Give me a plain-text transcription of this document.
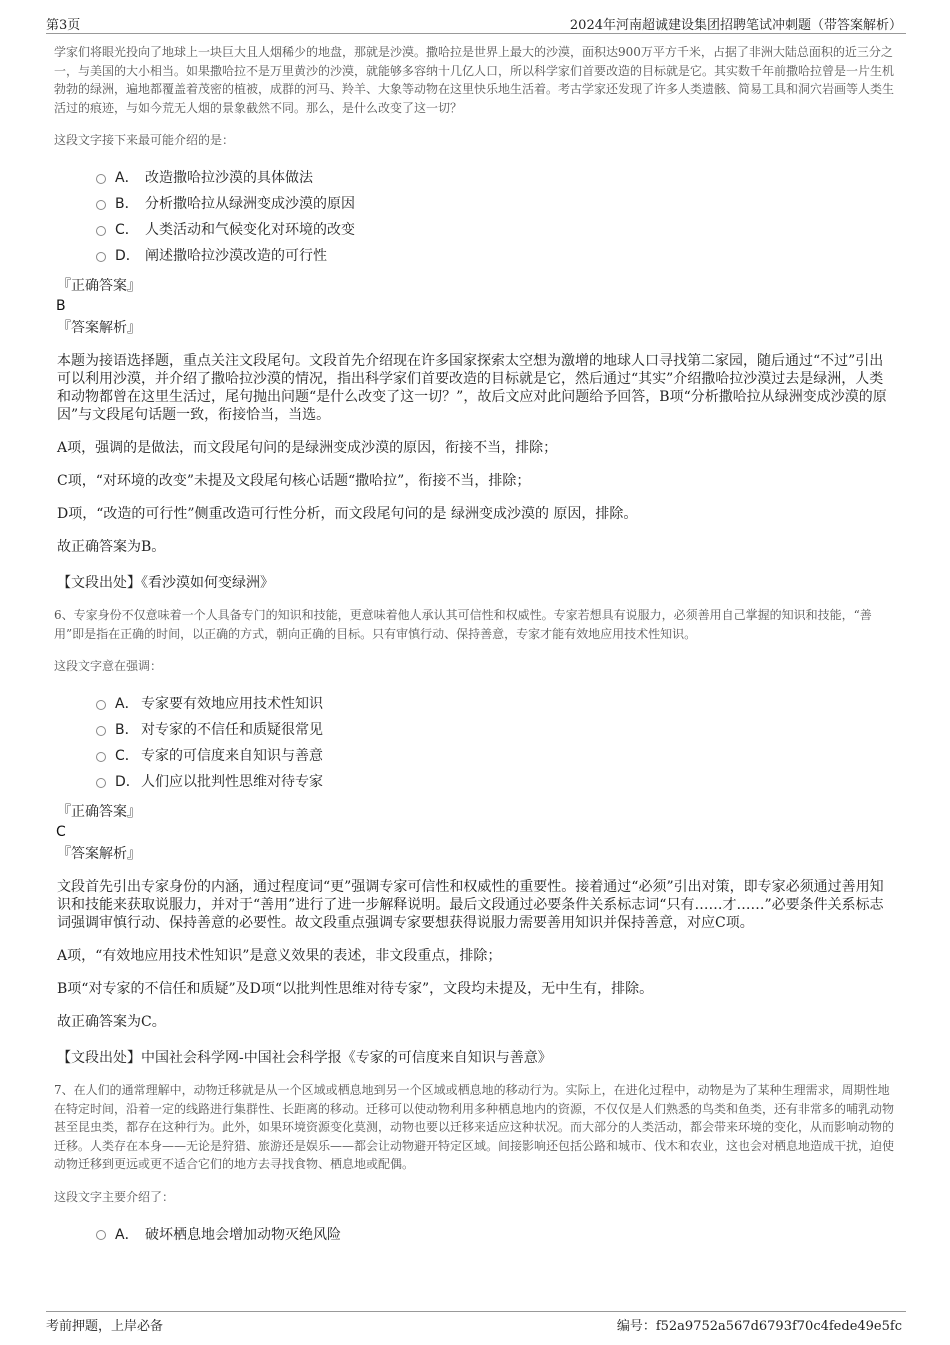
第3页	2024年河南超诚建设集团招聘笔试冲刺题（带答案解析）
学家们将眼光投向了地球上一块巨大且人烟稀少的地盘，那就是沙漠。撒哈拉是世界上最大的沙漠，面积达900万平方千米，占据了非洲大陆总面积的近三分之一，与美国的大小相当。如果撒哈拉不是万里黄沙的沙漠，就能够多容纳十几亿人口，所以科学家们首要改造的目标就是它。其实数千年前撒哈拉曾是一片生机勃勃的绿洲，遍地都覆盖着茂密的植被，成群的河马、羚羊、大象等动物在这里快乐地生活着。考古学家还发现了许多人类遗骸、简易工具和洞穴岩画等人类生活过的痕迹，与如今荒无人烟的景象截然不同。那么，是什么改变了这一切？
这段文字接下来最可能介绍的是：
A． 改造撒哈拉沙漠的具体做法
B． 分析撒哈拉从绿洲变成沙漠的原因
C． 人类活动和气候变化对环境的改变
D． 阐述撒哈拉沙漠改造的可行性
『正确答案』
B
『答案解析』
本题为接语选择题，重点关注文段尾句。文段首先介绍现在许多国家探索太空想为激增的地球人口寻找第二家园，随后通过“不过”引出可以利用沙漠，并介绍了撒哈拉沙漠的情况，指出科学家们首要改造的目标就是它，然后通过“其实”介绍撒哈拉沙漠过去是绿洲，人类和动物都曾在这里生活过，尾句抛出问题“是什么改变了这一切？”，故后文应对此问题给予回答，B项“分析撒哈拉从绿洲变成沙漠的原因”与文段尾句话题一致，衔接恰当，当选。
A项，强调的是做法，而文段尾句问的是绿洲变成沙漠的原因，衔接不当，排除；
C项，“对环境的改变”未提及文段尾句核心话题“撒哈拉”，衔接不当，排除；
D项，“改造的可行性”侧重改造可行性分析，而文段尾句问的是 绿洲变成沙漠的 原因，排除。
故正确答案为B。
【文段出处】《看沙漠如何变绿洲》
6、专家身份不仅意味着一个人具备专门的知识和技能，更意味着他人承认其可信性和权威性。专家若想具有说服力，必须善用自己掌握的知识和技能，“善用”即是指在正确的时间，以正确的方式，朝向正确的目标。只有审慎行动、保持善意，专家才能有效地应用技术性知识。
这段文字意在强调：
A． 专家要有效地应用技术性知识
B． 对专家的不信任和质疑很常见
C． 专家的可信度来自知识与善意
D． 人们应以批判性思维对待专家
『正确答案』
C
『答案解析』
文段首先引出专家身份的内涵，通过程度词“更”强调专家可信性和权威性的重要性。接着通过“必须”引出对策，即专家必须通过善用知识和技能来获取说服力，并对于“善用”进行了进一步解释说明。最后文段通过必要条件关系标志词“只有……才……”必要条件关系标志词强调审慎行动、保持善意的必要性。故文段重点强调专家要想获得说服力需要善用知识并保持善意，对应C项。
A项，“有效地应用技术性知识”是意义效果的表述，非文段重点，排除；
B项“对专家的不信任和质疑”及D项“以批判性思维对待专家”，文段均未提及，无中生有，排除。
故正确答案为C。
【文段出处】中国社会科学网-中国社会科学报《专家的可信度来自知识与善意》
7、在人们的通常理解中，动物迁移就是从一个区域或栖息地到另一个区域或栖息地的移动行为。实际上，在进化过程中，动物是为了某种生理需求，周期性地在特定时间，沿着一定的线路进行集群性、长距离的移动。迁移可以使动物利用多种栖息地内的资源，不仅仅是人们熟悉的鸟类和鱼类，还有非常多的哺乳动物甚至昆虫类，都存在这种行为。此外，如果环境资源变化莫测，动物也要以迁移来适应这种状况。而大部分的人类活动，都会带来环境的变化，从而影响动物的迁移。人类存在本身——无论是狩猎、旅游还是娱乐——都会让动物避开特定区域。间接影响还包括公路和城市、伐木和农业，这也会对栖息地造成干扰，迫使动物迁移到更远或更不适合它们的地方去寻找食物、栖息地或配偶。
这段文字主要介绍了：
A． 破坏栖息地会增加动物灭绝风险
考前押题，上岸必备	编号：f52a9752a567d6793f70c4fede49e5fc
